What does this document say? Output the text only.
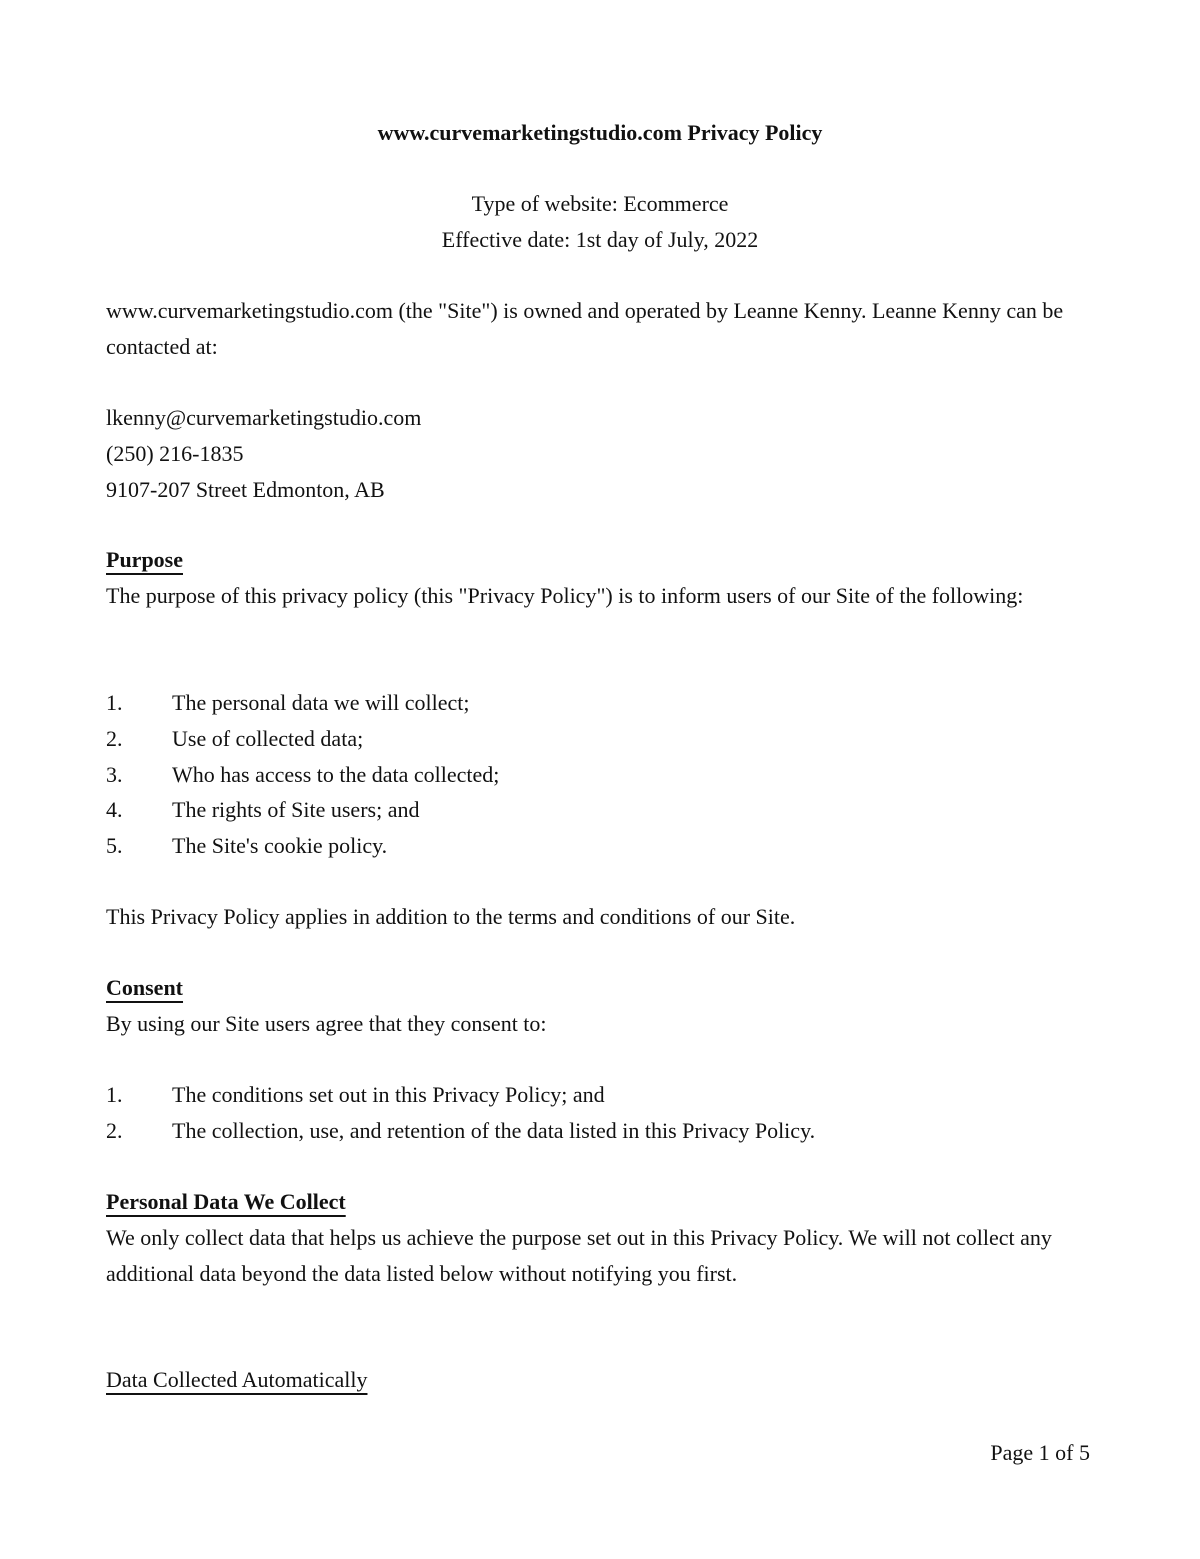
www.curvemarketingstudio.com Privacy Policy
Type of website: Ecommerce
Effective date: 1st day of July, 2022
www.curvemarketingstudio.com (the "Site") is owned and operated by Leanne Kenny. Leanne Kenny can be contacted at:
lkenny@curvemarketingstudio.com
(250) 216-1835
9107-207 Street Edmonton, AB
Purpose
The purpose of this privacy policy (this "Privacy Policy") is to inform users of our Site of the following:
1. The personal data we will collect;
2. Use of collected data;
3. Who has access to the data collected;
4. The rights of Site users; and
5. The Site's cookie policy.
This Privacy Policy applies in addition to the terms and conditions of our Site.
Consent
By using our Site users agree that they consent to:
1. The conditions set out in this Privacy Policy; and
2. The collection, use, and retention of the data listed in this Privacy Policy.
Personal Data We Collect
We only collect data that helps us achieve the purpose set out in this Privacy Policy. We will not collect any additional data beyond the data listed below without notifying you first.
Data Collected Automatically
Page 1 of 5
